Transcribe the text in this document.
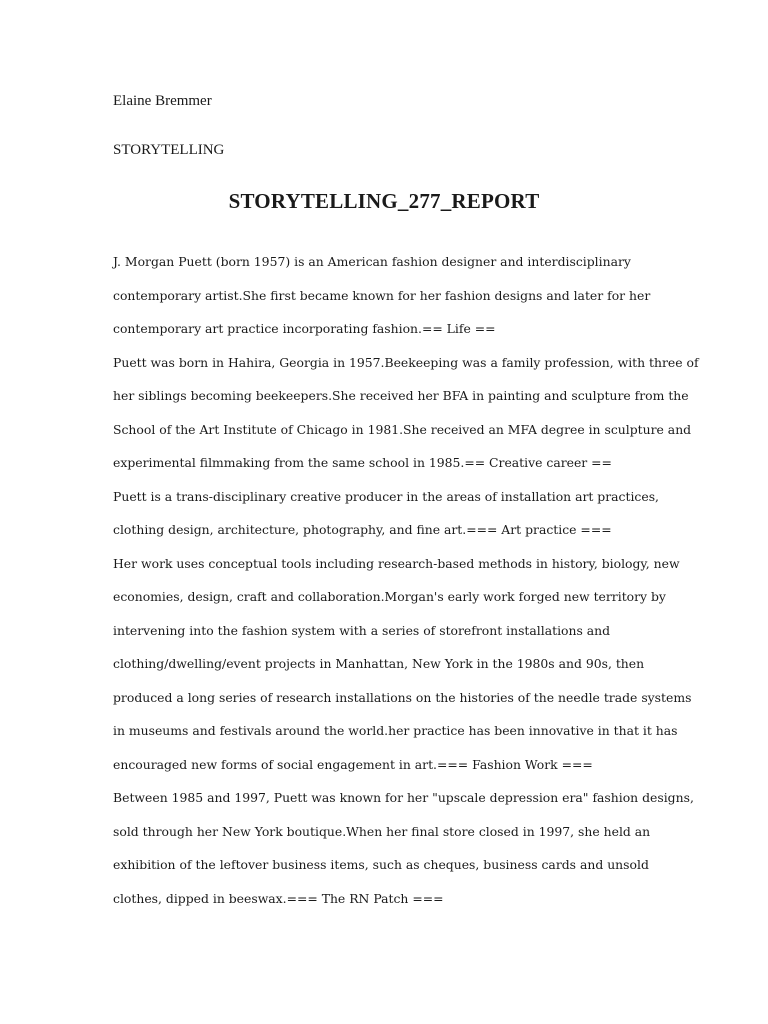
Elaine Bremmer

STORYTELLING

STORYTELLING_277_REPORT
J. Morgan Puett (born 1957) is an American fashion designer and interdisciplinary
contemporary artist.She first became known for her fashion designs and later for her
contemporary art practice incorporating fashion.== Life ==
Puett was born in Hahira, Georgia in 1957.Beekeeping was a family profession, with three of
her siblings becoming beekeepers.She received her BFA in painting and sculpture from the
School of the Art Institute of Chicago in 1981.She received an MFA degree in sculpture and
experimental filmmaking from the same school in 1985.== Creative career ==
Puett is a trans-disciplinary creative producer in the areas of installation art practices,
clothing design, architecture, photography, and fine art.=== Art practice ===
Her work uses conceptual tools including research-based methods in history, biology, new
economies, design, craft and collaboration.Morgan's early work forged new territory by
intervening into the fashion system with a series of storefront installations and
clothing/dwelling/event projects in Manhattan, New York in the 1980s and 90s, then
produced a long series of research installations on the histories of the needle trade systems
in museums and festivals around the world.her practice has been innovative in that it has
encouraged new forms of social engagement in art.=== Fashion Work ===
Between 1985 and 1997, Puett was known for her "upscale depression era" fashion designs,
sold through her New York boutique.When her final store closed in 1997, she held an
exhibition of the leftover business items, such as cheques, business cards and unsold
clothes, dipped in beeswax.=== The RN Patch ===
